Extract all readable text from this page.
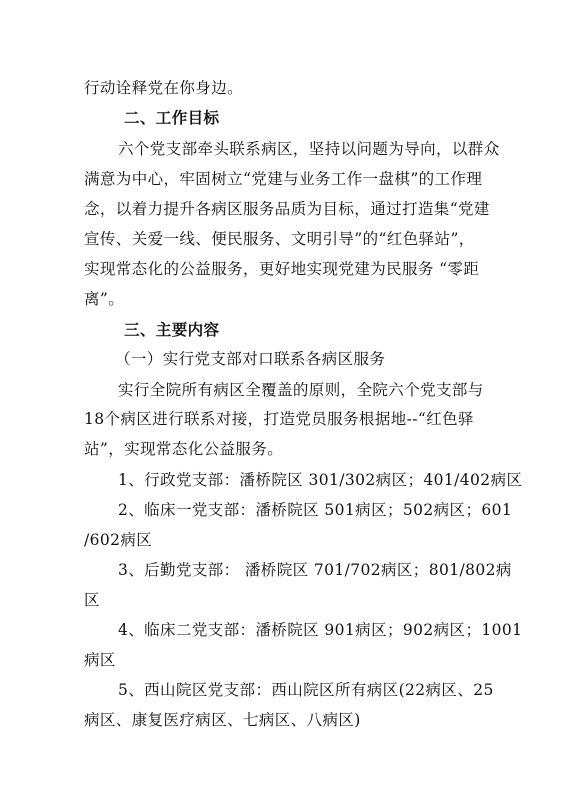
行动诠释党在你身边。
二、工作目标
六个党支部牵头联系病区，坚持以问题为导向，以群众
满意为中心，牢固树立“党建与业务工作一盘棋”的工作理
念，以着力提升各病区服务品质为目标，通过打造集“党建
宣传、关爱一线、便民服务、文明引导”的“红色驿站”，
实现常态化的公益服务，更好地实现党建为民服务 “零距
离”。
三、主要内容
（一）实行党支部对口联系各病区服务
实行全院所有病区全覆盖的原则，全院六个党支部与
18个病区进行联系对接，打造党员服务根据地--“红色驿
站”，实现常态化公益服务。
1、行政党支部：潘桥院区 301/302病区；401/402病区
2、临床一党支部：潘桥院区 501病区；502病区；601
/602病区
3、后勤党支部： 潘桥院区 701/702病区；801/802病
区
4、临床二党支部：潘桥院区 901病区；902病区；1001
病区
5、西山院区党支部：西山院区所有病区(22病区、25
病区、康复医疗病区、七病区、八病区)
